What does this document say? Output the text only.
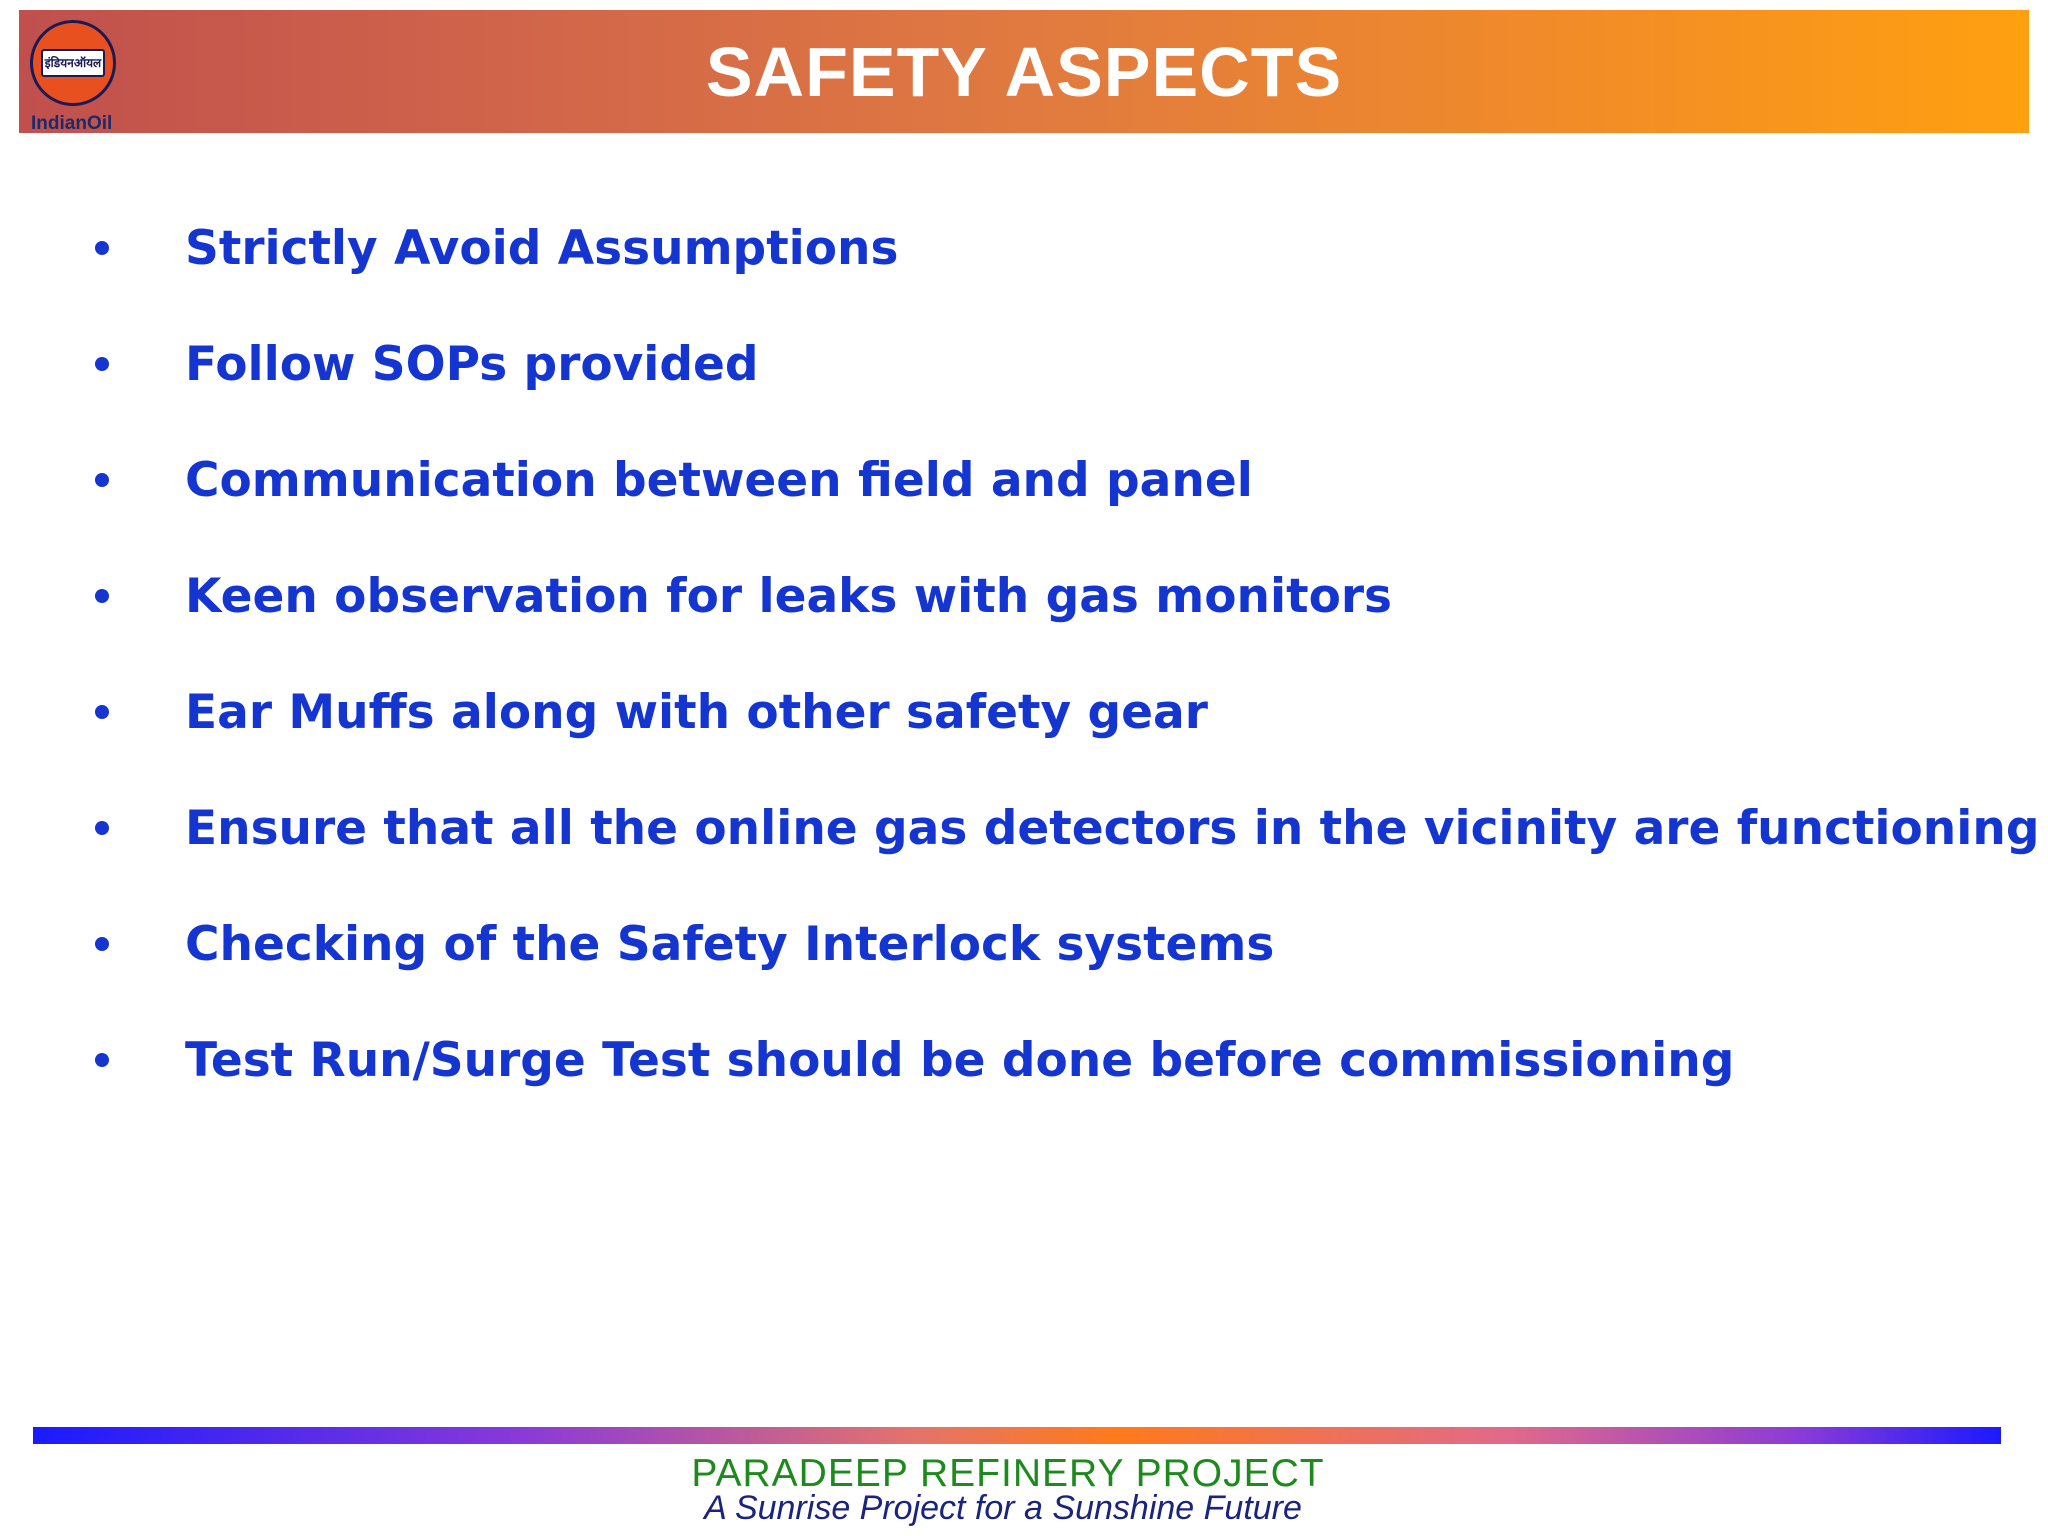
इंडियनऑयल
IndianOil
SAFETY ASPECTS
Strictly Avoid Assumptions
Follow SOPs provided
Communication between field and panel
Keen observation for leaks with gas monitors
Ear Muffs along with other safety gear
Ensure that all the online gas detectors in the vicinity are functioning
Checking of the Safety Interlock systems
Test Run/Surge Test should be done before commissioning
PARADEEP REFINERY PROJECT
A Sunrise Project for a Sunshine Future
